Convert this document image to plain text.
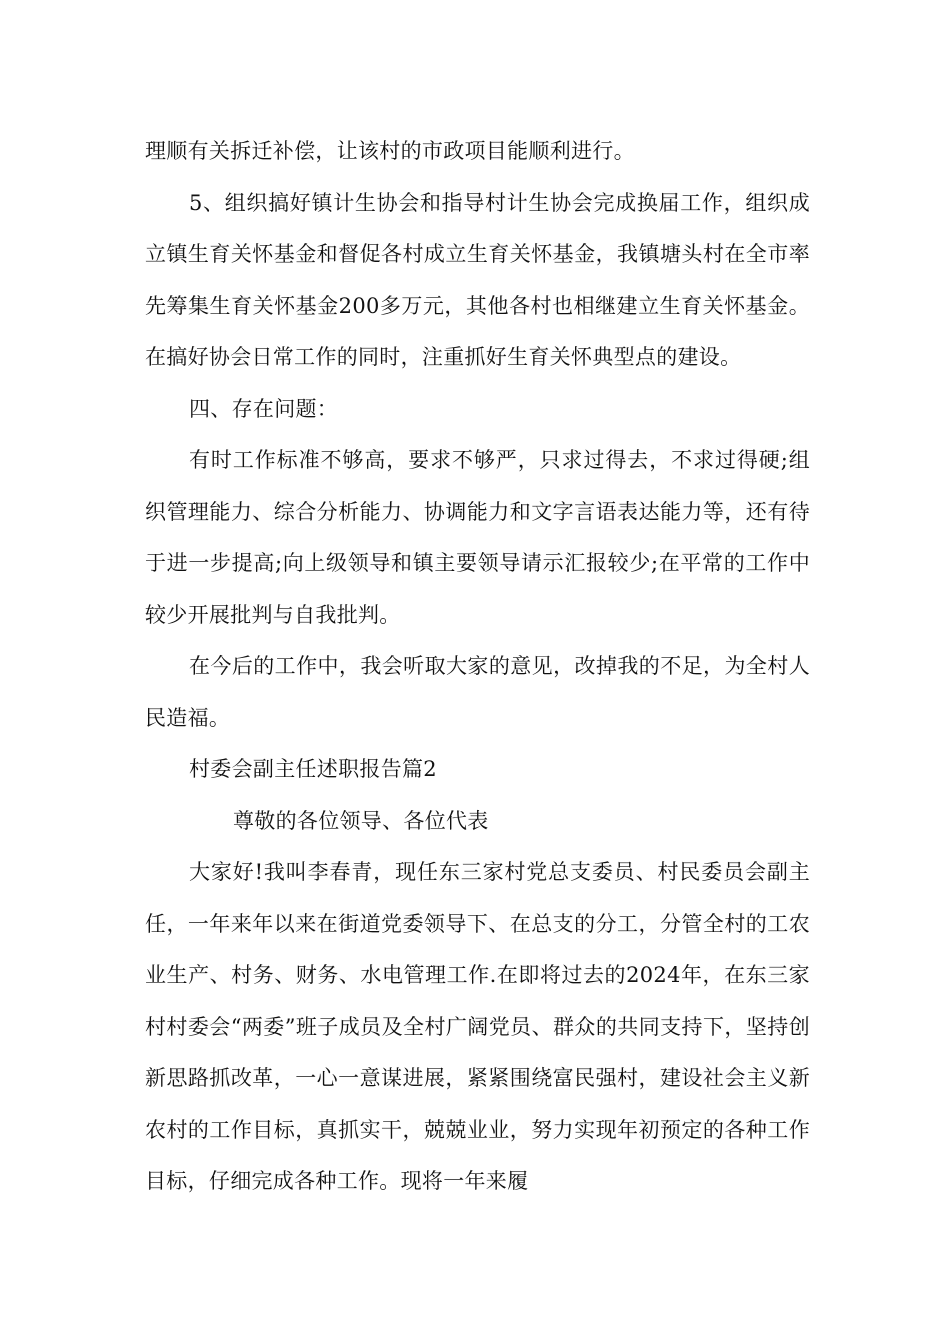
理顺有关拆迁补偿，让该村的市政项目能顺利进行。

5、组织搞好镇计生协会和指导村计生协会完成换届工作，组织成立镇生育关怀基金和督促各村成立生育关怀基金，我镇塘头村在全市率先筹集生育关怀基金200多万元，其他各村也相继建立生育关怀基金。在搞好协会日常工作的同时，注重抓好生育关怀典型点的建设。

四、存在问题：

有时工作标准不够高，要求不够严，只求过得去，不求过得硬;组织管理能力、综合分析能力、协调能力和文字言语表达能力等，还有待于进一步提高;向上级领导和镇主要领导请示汇报较少;在平常的工作中较少开展批判与自我批判。

在今后的工作中，我会听取大家的意见，改掉我的不足，为全村人民造福。

村委会副主任述职报告篇2

尊敬的各位领导、各位代表

大家好!我叫李春青，现任东三家村党总支委员、村民委员会副主任，一年来年以来在街道党委领导下、在总支的分工，分管全村的工农业生产、村务、财务、水电管理工作.在即将过去的2024年，在东三家村村委会“两委”班子成员及全村广阔党员、群众的共同支持下，坚持创新思路抓改革，一心一意谋进展，紧紧围绕富民强村，建设社会主义新农村的工作目标，真抓实干，兢兢业业，努力实现年初预定的各种工作目标，仔细完成各种工作。现将一年来履
